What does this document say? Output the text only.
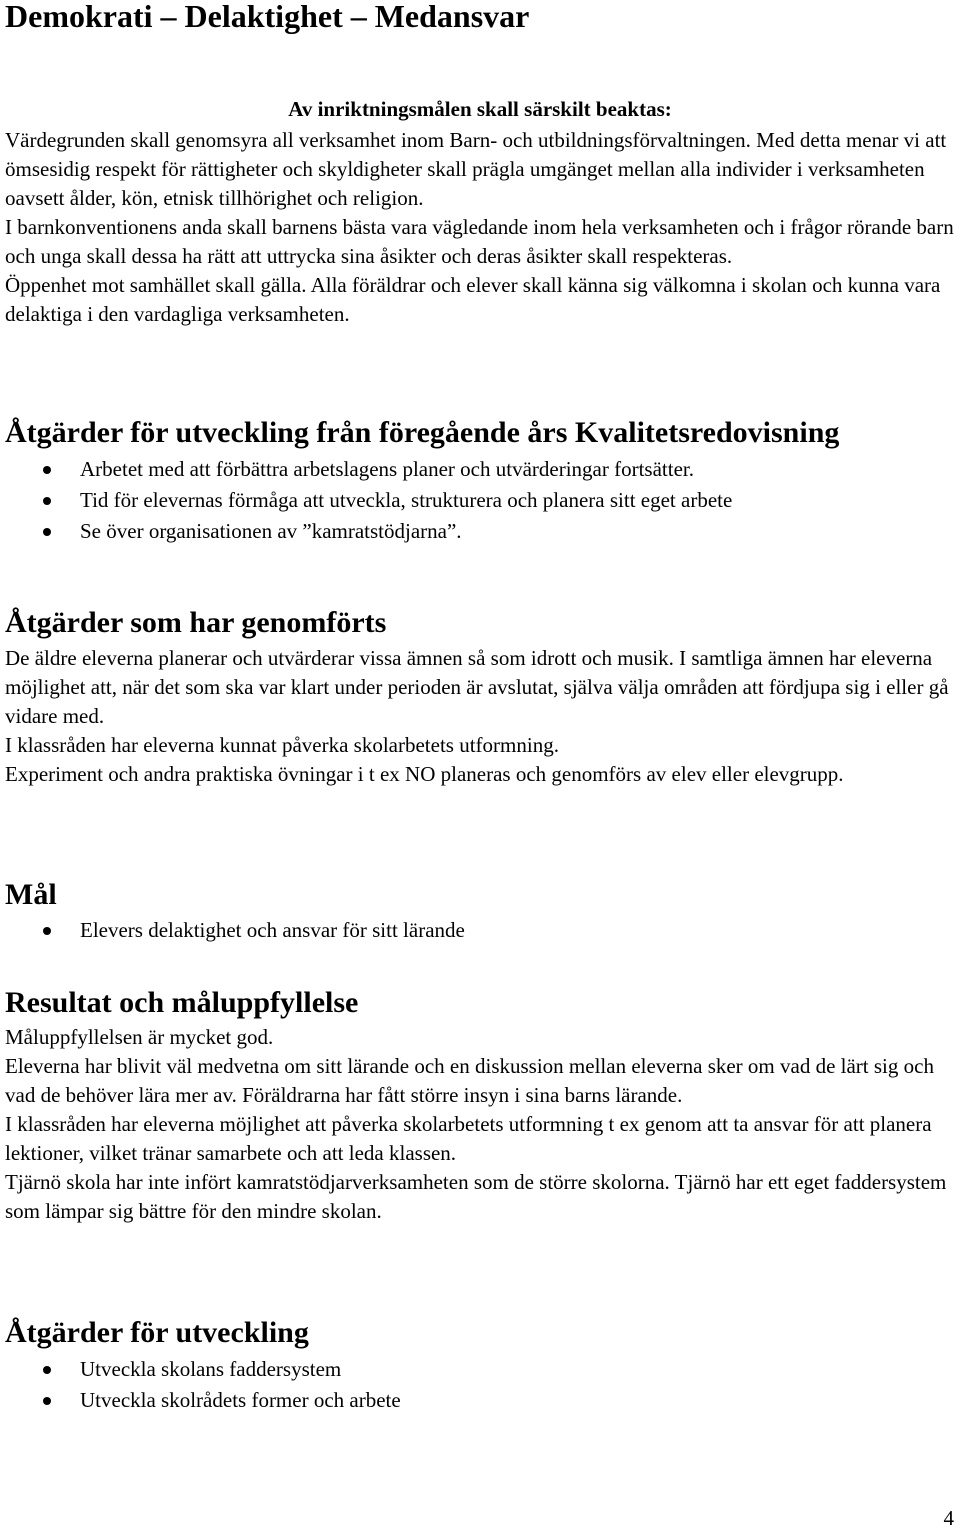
Demokrati – Delaktighet – Medansvar
Av inriktningsmålen skall särskilt beaktas:

Värdegrunden skall genomsyra all verksamhet inom Barn- och utbildningsförvaltningen. Med detta menar vi att ömsesidig respekt för rättigheter och skyldigheter skall prägla umgänget mellan alla individer i verksamheten oavsett ålder, kön, etnisk tillhörighet och religion.

I barnkonventionens anda skall barnens bästa vara vägledande inom hela verksamheten och i frågor rörande barn och unga skall dessa ha rätt att uttrycka sina åsikter och deras åsikter skall respekteras.

Öppenhet mot samhället skall gälla. Alla föräldrar och elever skall känna sig välkomna i skolan och kunna vara delaktiga i den vardagliga verksamheten.

Åtgärder för utveckling från föregående års Kvalitetsredovisning
Arbetet med att förbättra arbetslagens planer och utvärderingar fortsätter.
Tid för elevernas förmåga att utveckla, strukturera och planera sitt eget arbete
Se över organisationen av ”kamratstödjarna”.
Åtgärder som har genomförts

De äldre eleverna planerar och utvärderar vissa ämnen så som idrott och musik. I samtliga ämnen har eleverna möjlighet att, när det som ska var klart under perioden är avslutat, själva välja områden att fördjupa sig i eller gå vidare med.

I klassråden har eleverna kunnat påverka skolarbetets utformning.

Experiment och andra praktiska övningar i t ex NO planeras och genomförs av elev eller elevgrupp.

Mål
Elevers delaktighet och ansvar för sitt lärande
Resultat och måluppfyllelse

Måluppfyllelsen är mycket god.

Eleverna har blivit väl medvetna om sitt lärande och en diskussion mellan eleverna sker om vad de lärt sig och vad de behöver lära mer av. Föräldrarna har fått större insyn i sina barns lärande.

I klassråden har eleverna möjlighet att påverka skolarbetets utformning t ex genom att ta ansvar för att planera lektioner, vilket tränar samarbete och att leda klassen.

Tjärnö skola har inte infört kamratstödjarverksamheten som de större skolorna. Tjärnö har ett eget faddersystem som lämpar sig bättre för den mindre skolan.

Åtgärder för utveckling
Utveckla skolans faddersystem
Utveckla skolrådets former och arbete
4
